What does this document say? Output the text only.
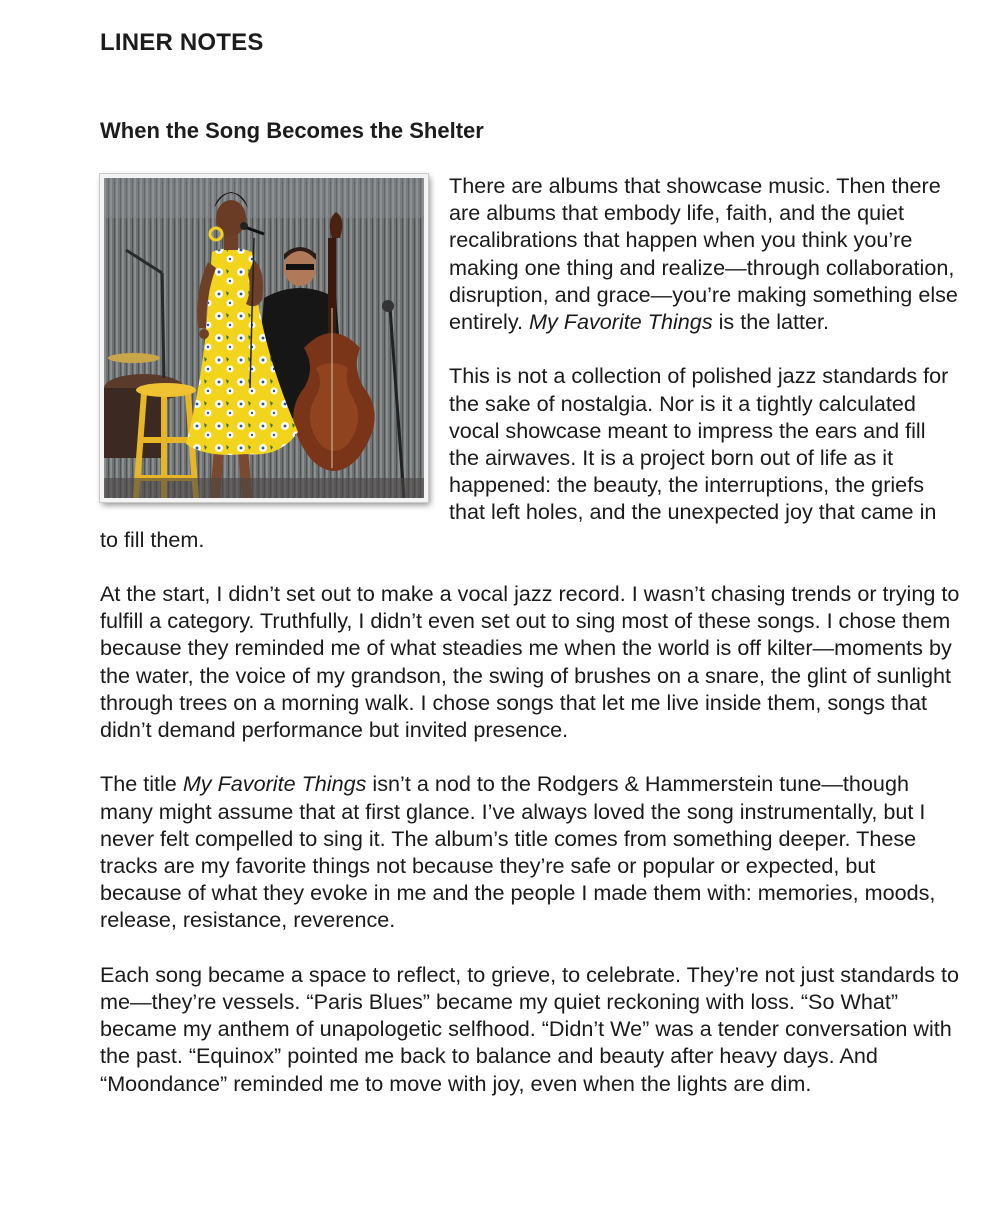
LINER NOTES
When the Song Becomes the Shelter

There are albums that showcase music. Then there are albums that embody life, faith, and the quiet recalibrations that happen when you think you’re making one thing and realize—through collaboration, disruption, and grace—you’re making something else entirely. My Favorite Things is the latter.

This is not a collection of polished jazz standards for the sake of nostalgia. Nor is it a tightly calculated vocal showcase meant to impress the ears and fill the airwaves. It is a project born out of life as it happened: the beauty, the interruptions, the griefs that left holes, and the unexpected joy that came in to fill them.

At the start, I didn’t set out to make a vocal jazz record. I wasn’t chasing trends or trying to fulfill a category. Truthfully, I didn’t even set out to sing most of these songs. I chose them because they reminded me of what steadies me when the world is off kilter—moments by the water, the voice of my grandson, the swing of brushes on a snare, the glint of sunlight through trees on a morning walk. I chose songs that let me live inside them, songs that didn’t demand performance but invited presence.

The title My Favorite Things isn’t a nod to the Rodgers & Hammerstein tune—though many might assume that at first glance. I’ve always loved the song instrumentally, but I never felt compelled to sing it. The album’s title comes from something deeper. These tracks are my favorite things not because they’re safe or popular or expected, but because of what they evoke in me and the people I made them with: memories, moods, release, resistance, reverence.

Each song became a space to reflect, to grieve, to celebrate. They’re not just standards to me—they’re vessels. “Paris Blues” became my quiet reckoning with loss. “So What” became my anthem of unapologetic selfhood. “Didn’t We” was a tender conversation with the past. “Equinox” pointed me back to balance and beauty after heavy days. And “Moondance” reminded me to move with joy, even when the lights are dim.
